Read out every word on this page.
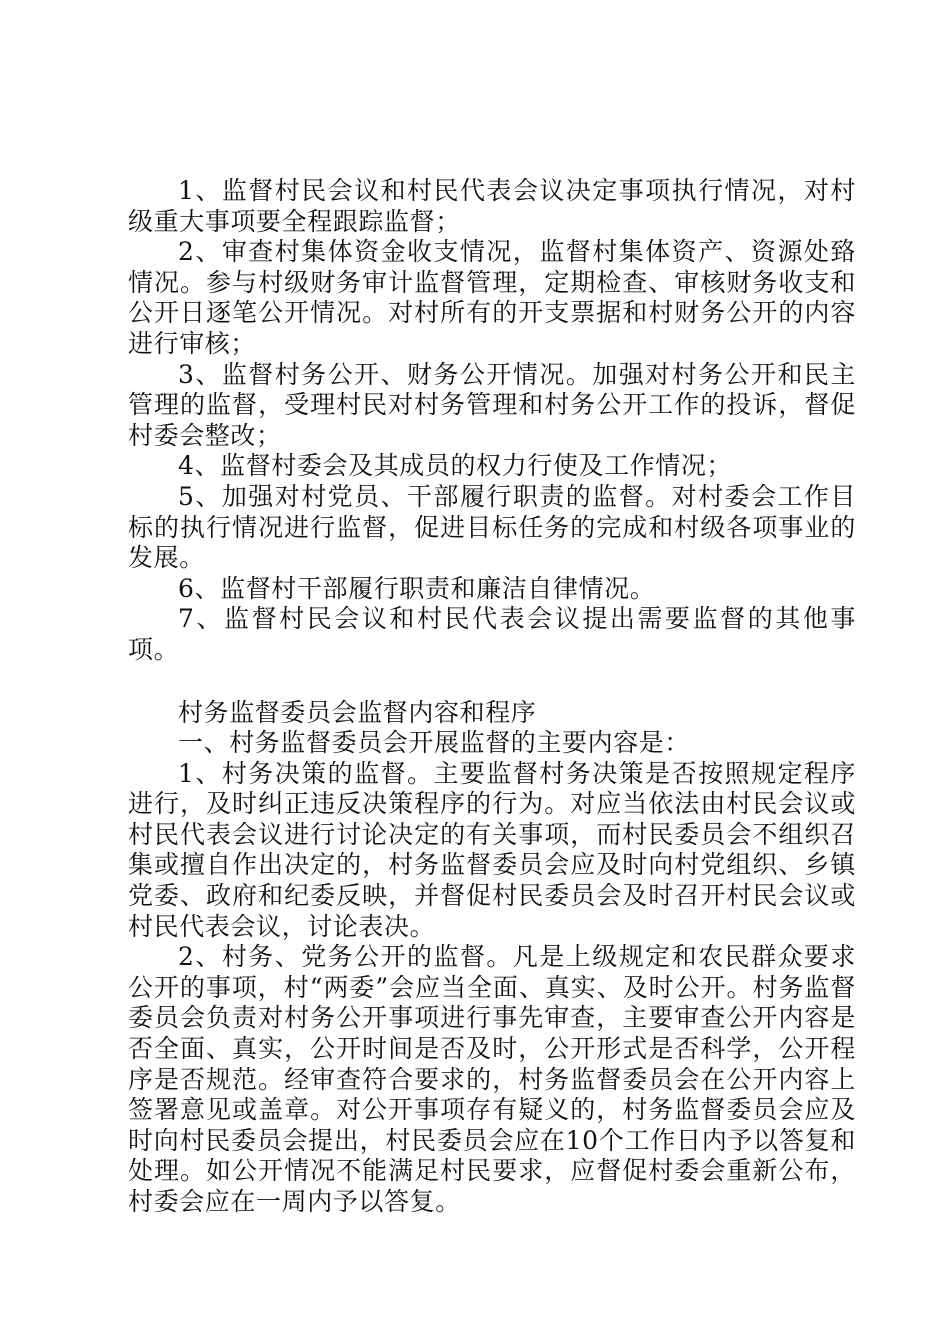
1、监督村民会议和村民代表会议决定事项执行情况，对村级重大事项要全程跟踪监督；

2、审查村集体资金收支情况，监督村集体资产、资源处臵情况。参与村级财务审计监督管理，定期检查、审核财务收支和公开日逐笔公开情况。对村所有的开支票据和村财务公开的内容进行审核；

3、监督村务公开、财务公开情况。加强对村务公开和民主管理的监督，受理村民对村务管理和村务公开工作的投诉，督促村委会整改；

4、监督村委会及其成员的权力行使及工作情况；

5、加强对村党员、干部履行职责的监督。对村委会工作目标的执行情况进行监督，促进目标任务的完成和村级各项事业的发展。

6、监督村干部履行职责和廉洁自律情况。

7、监督村民会议和村民代表会议提出需要监督的其他事项。

村务监督委员会监督内容和程序

一、村务监督委员会开展监督的主要内容是：

1、村务决策的监督。主要监督村务决策是否按照规定程序进行，及时纠正违反决策程序的行为。对应当依法由村民会议或村民代表会议进行讨论决定的有关事项，而村民委员会不组织召集或擅自作出决定的，村务监督委员会应及时向村党组织、乡镇党委、政府和纪委反映，并督促村民委员会及时召开村民会议或村民代表会议，讨论表决。

2、村务、党务公开的监督。凡是上级规定和农民群众要求公开的事项，村“两委”会应当全面、真实、及时公开。村务监督委员会负责对村务公开事项进行事先审查，主要审查公开内容是否全面、真实，公开时间是否及时，公开形式是否科学，公开程序是否规范。经审查符合要求的，村务监督委员会在公开内容上签署意见或盖章。对公开事项存有疑义的，村务监督委员会应及时向村民委员会提出，村民委员会应在10个工作日内予以答复和处理。如公开情况不能满足村民要求，应督促村委会重新公布，村委会应在一周内予以答复。
